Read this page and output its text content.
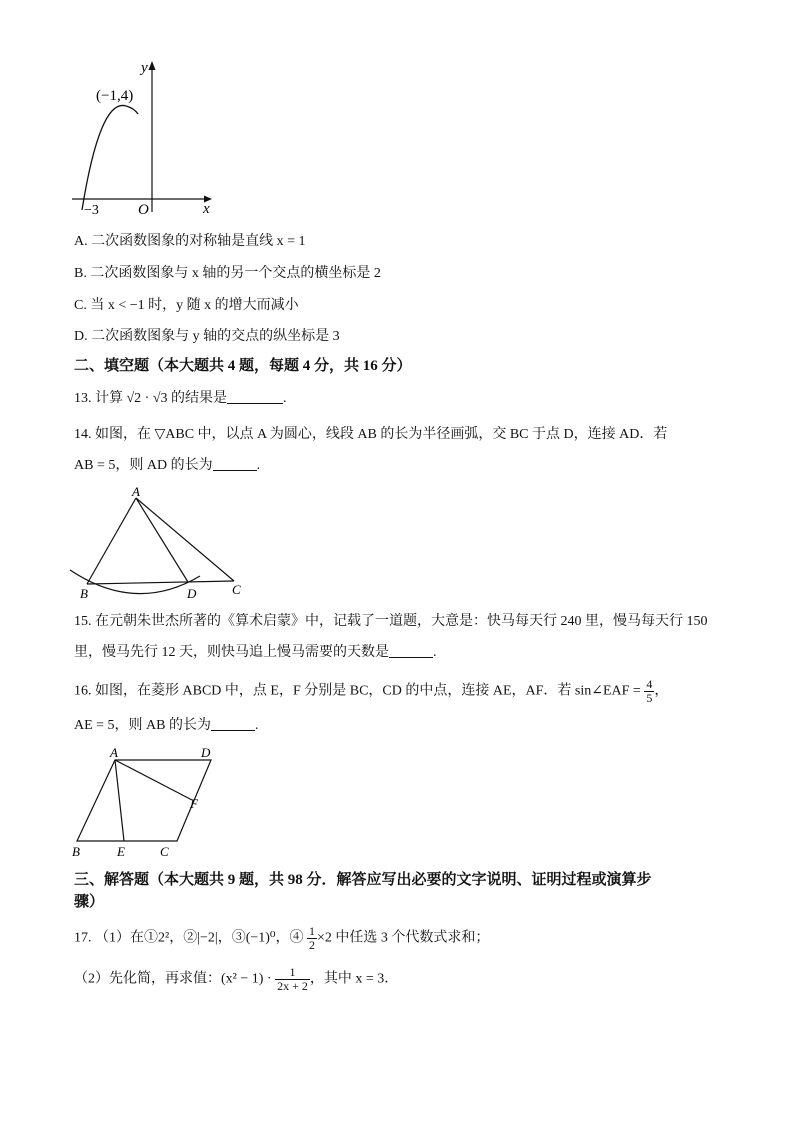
y
x
O
−3
(−1,4)
A. 二次函数图象的对称轴是直线 x = 1
B. 二次函数图象与 x 轴的另一个交点的横坐标是 2
C. 当 x < −1 时，y 随 x 的增大而减小
D. 二次函数图象与 y 轴的交点的纵坐标是 3
二、填空题（本大题共 4 题，每题 4 分，共 16 分）
13. 计算 √2 · √3 的结果是	.
14. 如图，在 ▽ABC 中，以点 A 为圆心，线段 AB 的长为半径画弧，交 BC 于点 D，连接 AD．若
AB = 5，则 AD 的长为	.
A
B	D	C
15. 在元朝朱世杰所著的《算术启蒙》中，记载了一道题，大意是：快马每天行 240 里，慢马每天行 150
里，慢马先行 12 天，则快马追上慢马需要的天数是	.
16. 如图，在菱形 ABCD 中，点 E，F 分别是 BC，CD 的中点，连接 AE，AF．若 sin∠EAF = $\frac{4}{5}$ ，
AE = 5，则 AB 的长为	.
A	D
F
B	E	C
三、解答题（本大题共 9 题，共 98 分．解答应写出必要的文字说明、证明过程或演算步
骤）
17. （1）在①2²，②|−2|，③(−1)⁰，④ $\frac{1}{2} \times 2$ 中任选 3 个代数式求和；
（2）先化简，再求值：$(x^2 - 1) \cdot \frac{1}{2x + 2}$ ，其中 x = 3．
